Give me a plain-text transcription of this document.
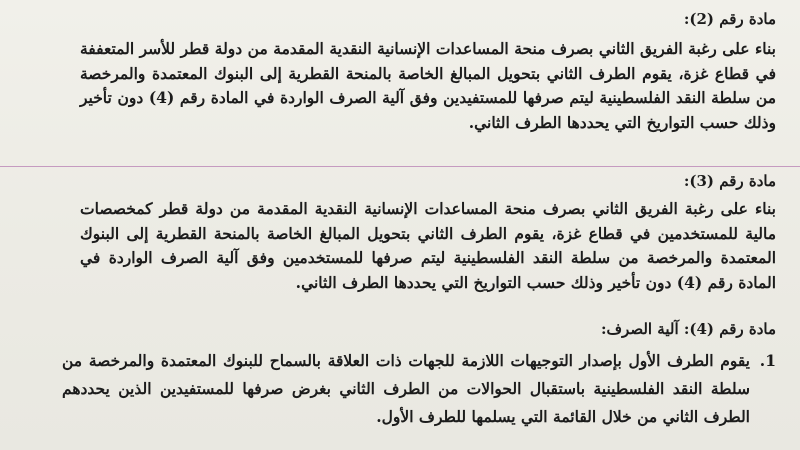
مادة رقم (2):

بناء على رغبة الفريق الثاني بصرف منحة المساعدات الإنسانية النقدية المقدمة من دولة قطر للأسر المتعففة في قطاع غزة، يقوم الطرف الثاني بتحويل المبالغ الخاصة بالمنحة القطرية إلى البنوك المعتمدة والمرخصة من سلطة النقد الفلسطينية ليتم صرفها للمستفيدين وفق آلية الصرف الواردة في المادة رقم (4) دون تأخير وذلك حسب التواريخ التي يحددها الطرف الثاني.

مادة رقم (3):

بناء على رغبة الفريق الثاني بصرف منحة المساعدات الإنسانية النقدية المقدمة من دولة قطر كمخصصات مالية للمستخدمين في قطاع غزة، يقوم الطرف الثاني بتحويل المبالغ الخاصة بالمنحة القطرية إلى البنوك المعتمدة والمرخصة من سلطة النقد الفلسطينية ليتم صرفها للمستخدمين وفق آلية الصرف الواردة في المادة رقم (4) دون تأخير وذلك حسب التواريخ التي يحددها الطرف الثاني.

مادة رقم (4): آلية الصرف:
1.
يقوم الطرف الأول بإصدار التوجيهات اللازمة للجهات ذات العلاقة بالسماح للبنوك المعتمدة والمرخصة من سلطة النقد الفلسطينية باستقبال الحوالات من الطرف الثاني بغرض صرفها للمستفيدين الذين يحددهم الطرف الثاني من خلال القائمة التي يسلمها للطرف الأول.
